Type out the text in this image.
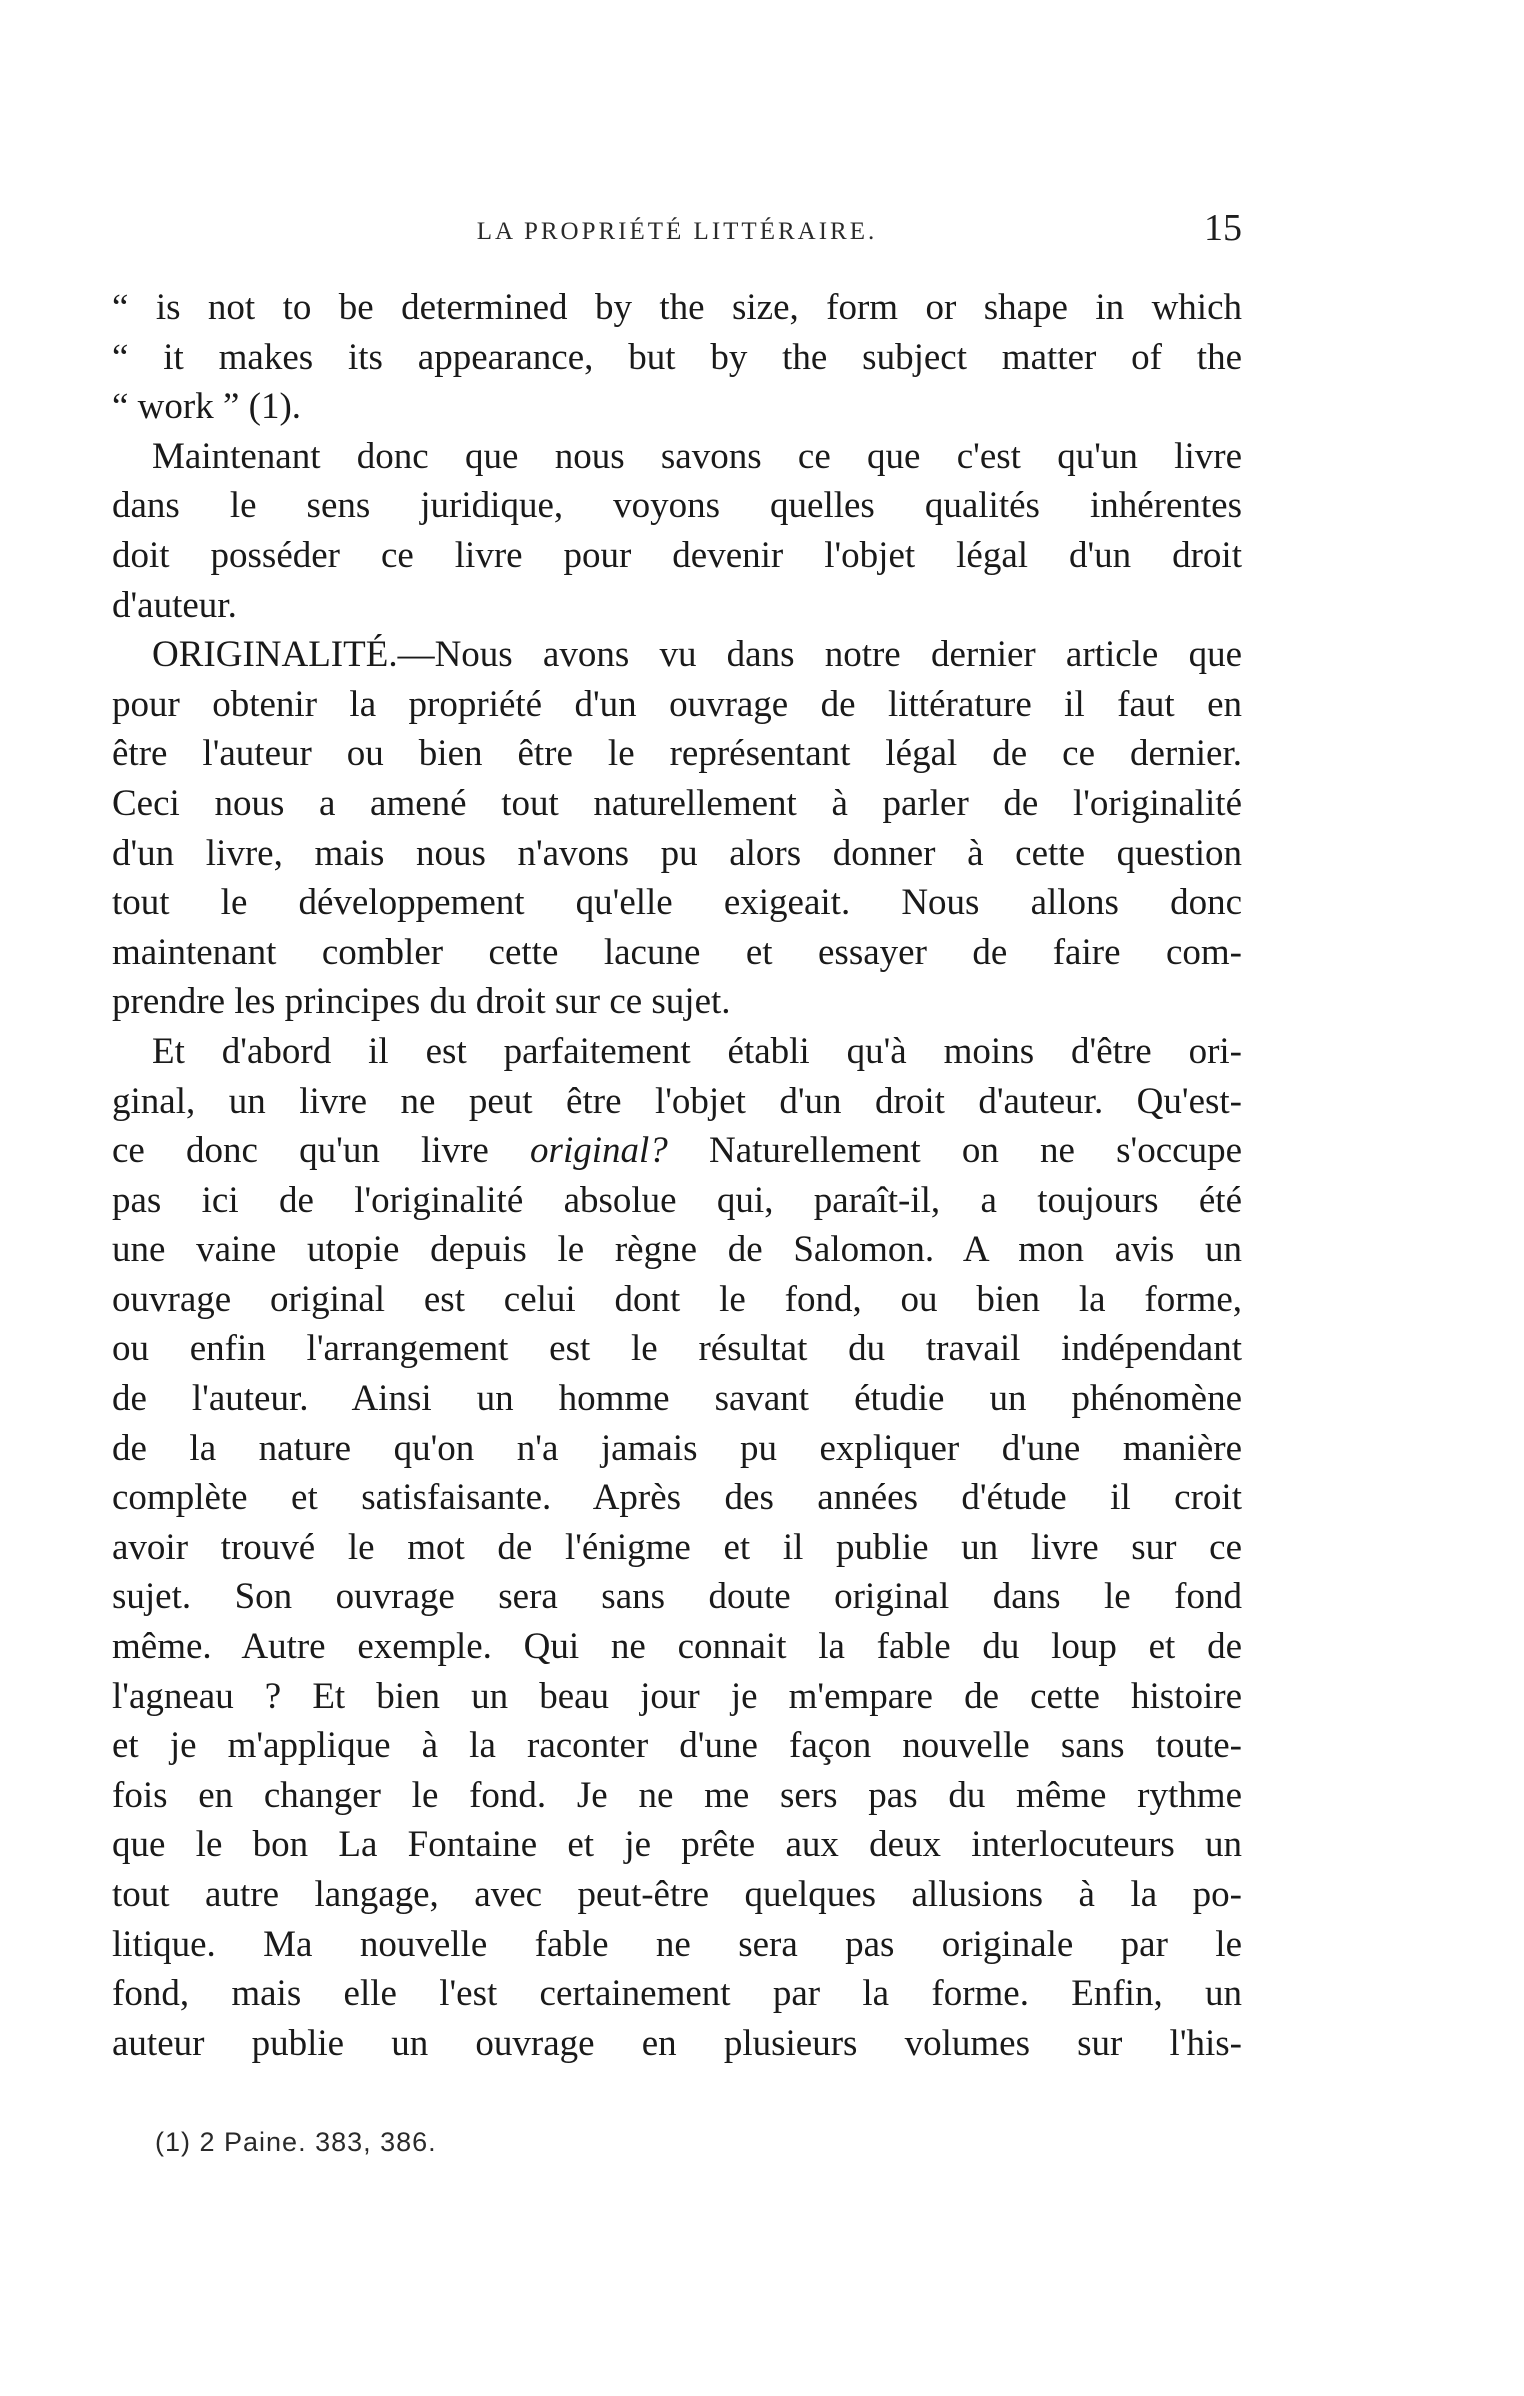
LA PROPRIÉTÉ LITTÉRAIRE.	15
“ is not to be determined by the size, form or shape in which
“ it makes its appearance, but by the subject matter of the
“ work ” (1).
Maintenant donc que nous savons ce que c'est qu'un livre
dans le sens juridique, voyons quelles qualités inhérentes
doit posséder ce livre pour devenir l'objet légal d'un droit
d'auteur.
ORIGINALITÉ.—Nous avons vu dans notre dernier article que
pour obtenir la propriété d'un ouvrage de littérature il faut en
être l'auteur ou bien être le représentant légal de ce dernier.
Ceci nous a amené tout naturellement à parler de l'originalité
d'un livre, mais nous n'avons pu alors donner à cette question
tout le développement qu'elle exigeait. Nous allons donc
maintenant combler cette lacune et essayer de faire com-
prendre les principes du droit sur ce sujet.
Et d'abord il est parfaitement établi qu'à moins d'être ori-
ginal, un livre ne peut être l'objet d'un droit d'auteur. Qu'est-
ce donc qu'un livre original? Naturellement on ne s'occupe
pas ici de l'originalité absolue qui, paraît-il, a toujours été
une vaine utopie depuis le règne de Salomon. A mon avis un
ouvrage original est celui dont le fond, ou bien la forme,
ou enfin l'arrangement est le résultat du travail indépendant
de l'auteur. Ainsi un homme savant étudie un phénomène
de la nature qu'on n'a jamais pu expliquer d'une manière
complète et satisfaisante. Après des années d'étude il croit
avoir trouvé le mot de l'énigme et il publie un livre sur ce
sujet. Son ouvrage sera sans doute original dans le fond
même. Autre exemple. Qui ne connait la fable du loup et de
l'agneau ? Et bien un beau jour je m'empare de cette histoire
et je m'applique à la raconter d'une façon nouvelle sans toute-
fois en changer le fond. Je ne me sers pas du même rythme
que le bon La Fontaine et je prête aux deux interlocuteurs un
tout autre langage, avec peut-être quelques allusions à la po-
litique. Ma nouvelle fable ne sera pas originale par le
fond, mais elle l'est certainement par la forme. Enfin, un
auteur publie un ouvrage en plusieurs volumes sur l'his-
(1) 2 Paine. 383, 386.
